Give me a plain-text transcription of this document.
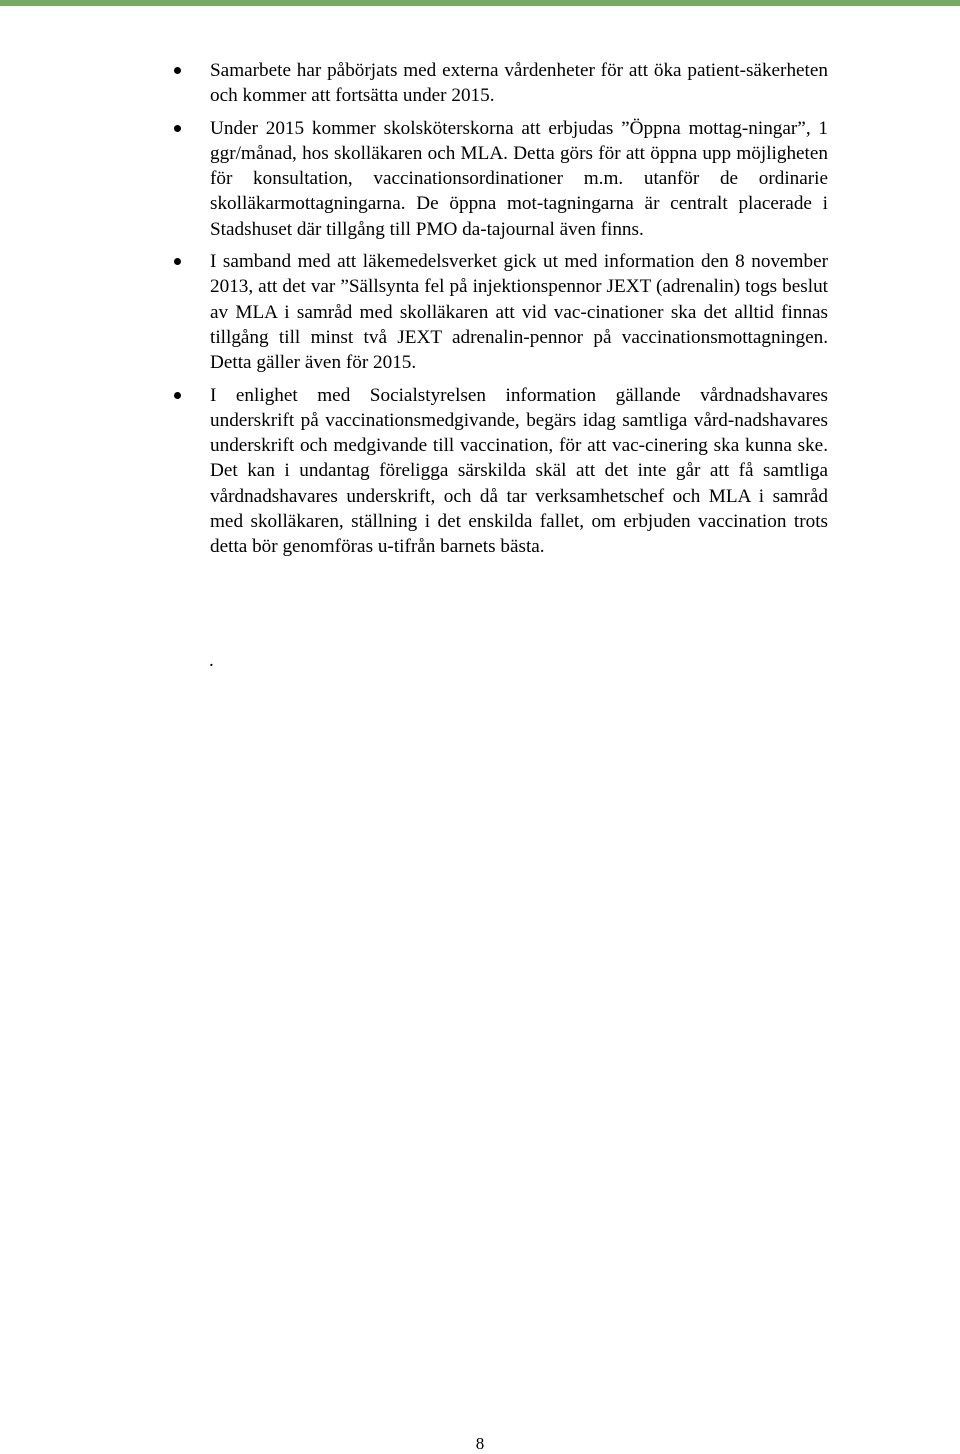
Samarbete har påbörjats med externa vårdenheter för att öka patient-säkerheten och kommer att fortsätta under 2015.
Under 2015 kommer skolsköterskorna att erbjudas ”Öppna mottag-ningar”, 1 ggr/månad, hos skolläkaren och MLA. Detta görs för att öppna upp möjligheten för konsultation, vaccinationsordinationer m.m. utanför de ordinarie skolläkarmottagningarna. De öppna mot-tagningarna är centralt placerade i Stadshuset där tillgång till PMO da-tajournal även finns.
I samband med att läkemedelsverket gick ut med information den 8 november 2013, att det var ”Sällsynta fel på injektionspennor JEXT (adrenalin) togs beslut av MLA i samråd med skolläkaren att vid vac-cinationer ska det alltid finnas tillgång till minst två JEXT adrenalin-pennor på vaccinationsmottagningen. Detta gäller även för 2015.
I enlighet med Socialstyrelsen information gällande vårdnadshavares underskrift på vaccinationsmedgivande, begärs idag samtliga vård-nadshavares underskrift och medgivande till vaccination, för att vac-cinering ska kunna ske. Det kan i undantag föreligga särskilda skäl att det inte går att få samtliga vårdnadshavares underskrift, och då tar verksamhetschef och MLA i samråd med skolläkaren, ställning i det enskilda fallet, om erbjuden vaccination trots detta bör genomföras u-tifrån barnets bästa.
.
8
